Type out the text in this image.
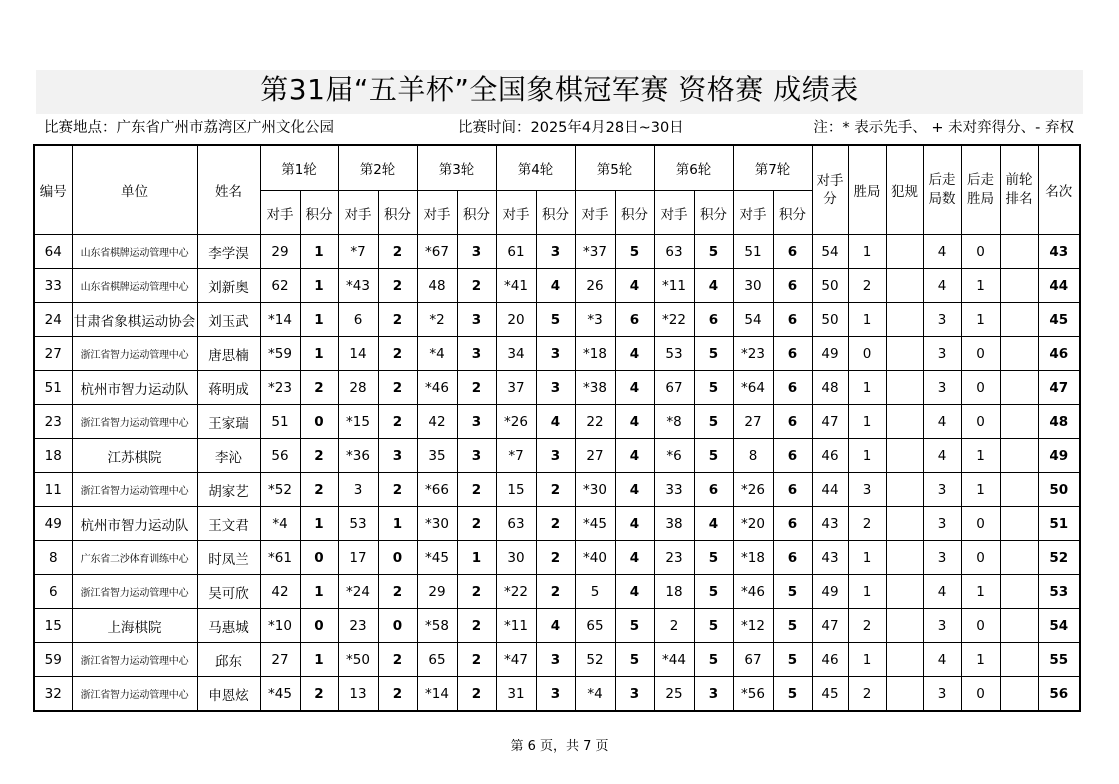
第31届“五羊杯”全国象棋冠军赛 资格赛 成绩表
比赛地点：广东省广州市荔湾区广州文化公园	比赛时间：2025年4月28日~30日	注：* 表示先手、 + 未对弈得分、- 弃权
编号	单位	姓名	第1轮		第2轮		第3轮		第4轮		第5轮		第6轮		第7轮		对手分	胜局	犯规	后走局数	后走胜局	前轮排名	名次
			对手	积分	对手	积分	对手	积分	对手	积分	对手	积分	对手	积分	对手	积分							
64	山东省棋牌运动管理中心	李学淏	29	1	*7	2	*67	3	61	3	*37	5	63	5	51	6	54	1		4	0		43
33	山东省棋牌运动管理中心	刘新奥	62	1	*43	2	48	2	*41	4	26	4	*11	4	30	6	50	2		4	1		44
24	甘肃省象棋运动协会	刘玉武	*14	1	6	2	*2	3	20	5	*3	6	*22	6	54	6	50	1		3	1		45
27	浙江省智力运动管理中心	唐思楠	*59	1	14	2	*4	3	34	3	*18	4	53	5	*23	6	49	0		3	0		46
51	杭州市智力运动队	蒋明成	*23	2	28	2	*46	2	37	3	*38	4	67	5	*64	6	48	1		3	0		47
23	浙江省智力运动管理中心	王家瑞	51	0	*15	2	42	3	*26	4	22	4	*8	5	27	6	47	1		4	0		48
18	江苏棋院	李沁	56	2	*36	3	35	3	*7	3	27	4	*6	5	8	6	46	1		4	1		49
11	浙江省智力运动管理中心	胡家艺	*52	2	3	2	*66	2	15	2	*30	4	33	6	*26	6	44	3		3	1		50
49	杭州市智力运动队	王文君	*4	1	53	1	*30	2	63	2	*45	4	38	4	*20	6	43	2		3	0		51
8	广东省二沙体育训练中心	时凤兰	*61	0	17	0	*45	1	30	2	*40	4	23	5	*18	6	43	1		3	0		52
6	浙江省智力运动管理中心	吴可欣	42	1	*24	2	29	2	*22	2	5	4	18	5	*46	5	49	1		4	1		53
15	上海棋院	马惠城	*10	0	23	0	*58	2	*11	4	65	5	2	5	*12	5	47	2		3	0		54
59	浙江省智力运动管理中心	邱东	27	1	*50	2	65	2	*47	3	52	5	*44	5	67	5	46	1		4	1		55
32	浙江省智力运动管理中心	申恩炫	*45	2	13	2	*14	2	31	3	*4	3	25	3	*56	5	45	2		3	0		56
第 6 页，共 7 页
